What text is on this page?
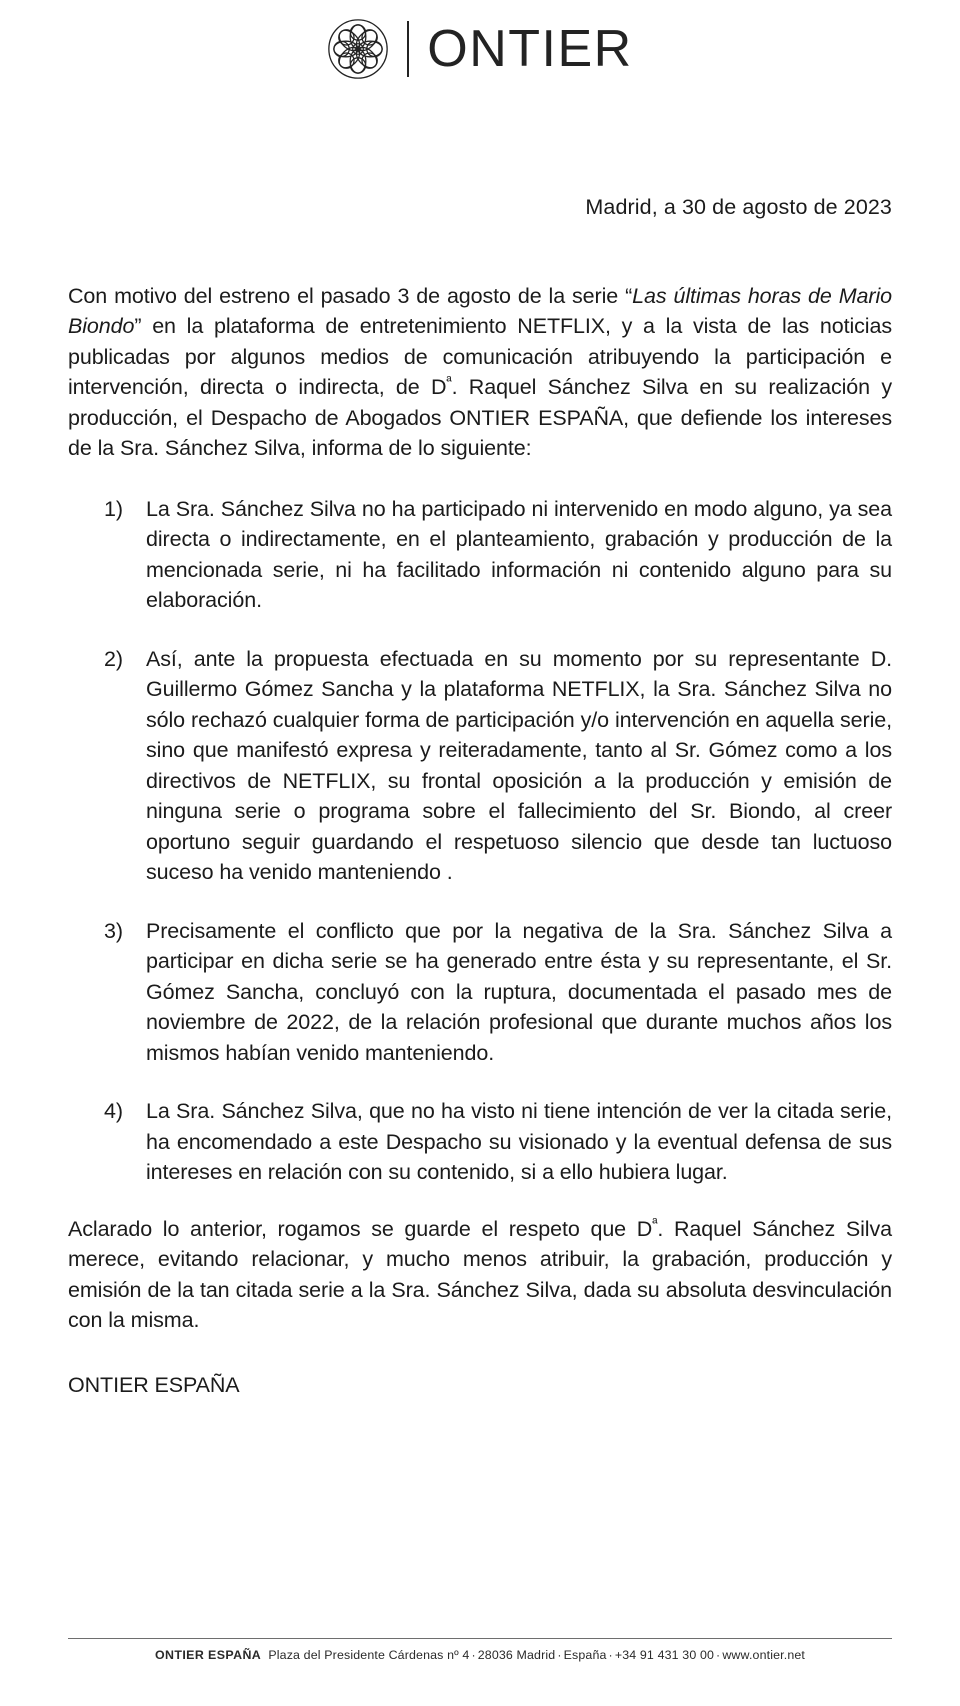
ONTIER

Madrid, a 30 de agosto de 2023

Con motivo del estreno el pasado 3 de agosto de la serie “Las últimas horas de Mario Biondo” en la plataforma de entretenimiento NETFLIX, y a la vista de las noticias publicadas por algunos medios de comunicación atribuyendo la participación e intervención, directa o indirecta, de $D^ª$. Raquel Sánchez Silva en su realización y producción, el Despacho de Abogados ONTIER ESPAÑA, que defiende los intereses de la Sra. Sánchez Silva, informa de lo siguiente:

1)	La Sra. Sánchez Silva no ha participado ni intervenido en modo alguno, ya sea directa o indirectamente, en el planteamiento, grabación y producción de la mencionada serie, ni ha facilitado información ni contenido alguno para su elaboración.
2)	Así, ante la propuesta efectuada en su momento por su representante D. Guillermo Gómez Sancha y la plataforma NETFLIX, la Sra. Sánchez Silva no sólo rechazó cualquier forma de participación y/o intervención en aquella serie, sino que manifestó expresa y reiteradamente, tanto al Sr. Gómez como a los directivos de NETFLIX, su frontal oposición a la producción y emisión de ninguna serie o programa sobre el fallecimiento del Sr. Biondo, al creer oportuno seguir guardando el respetuoso silencio que desde tan luctuoso suceso ha venido manteniendo .
3)	Precisamente el conflicto que por la negativa de la Sra. Sánchez Silva a participar en dicha serie se ha generado entre ésta y su representante, el Sr. Gómez Sancha, concluyó con la ruptura, documentada el pasado mes de noviembre de 2022, de la relación profesional que durante muchos años los mismos habían venido manteniendo.
4)	La Sra. Sánchez Silva, que no ha visto ni tiene intención de ver la citada serie, ha encomendado a este Despacho su visionado y la eventual defensa de sus intereses en relación con su contenido, si a ello hubiera lugar.

Aclarado lo anterior, rogamos se guarde el respeto que $D^ª$. Raquel Sánchez Silva merece, evitando relacionar, y mucho menos atribuir, la grabación, producción y emisión de la tan citada serie a la Sra. Sánchez Silva, dada su absoluta desvinculación con la misma.

ONTIER ESPAÑA

ONTIER ESPAÑA Plaza del Presidente Cárdenas nº 4 · 28036 Madrid · España · +34 91 431 30 00 · www.ontier.net
